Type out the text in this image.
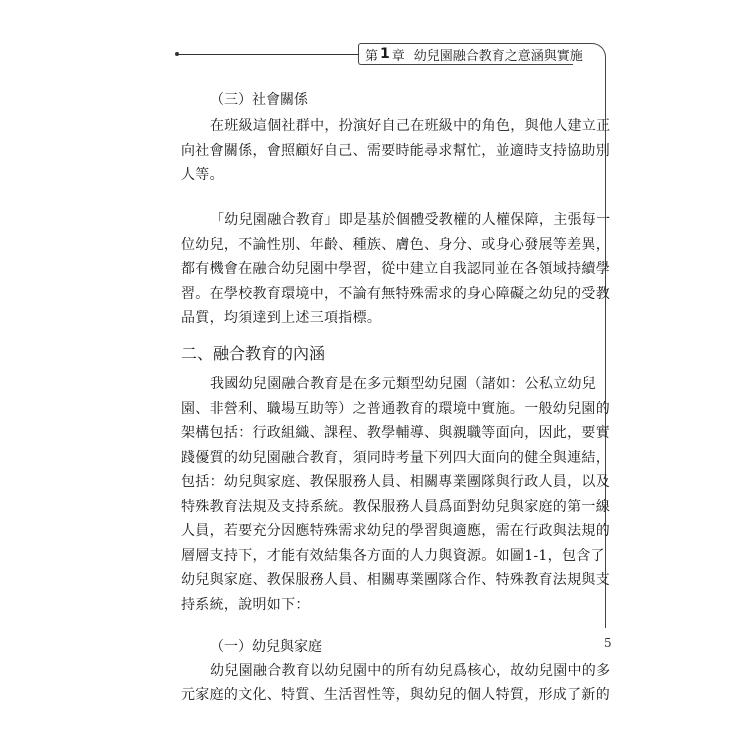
第 1 章 幼兒園融合教育之意涵與實施
（三）社會關係
在班級這個社群中，扮演好自己在班級中的角色，與他人建立正
向社會關係，會照顧好自己、需要時能尋求幫忙，並適時支持協助別
人等。
「幼兒園融合教育」即是基於個體受教權的人權保障，主張每一
位幼兒，不論性別、年齡、種族、膚色、身分、或身心發展等差異，
都有機會在融合幼兒園中學習，從中建立自我認同並在各領域持續學
習。在學校教育環境中，不論有無特殊需求的身心障礙之幼兒的受教
品質，均須達到上述三項指標。
二、融合教育的內涵
我國幼兒園融合教育是在多元類型幼兒園（諸如：公私立幼兒
園、非營利、職場互助等）之普通教育的環境中實施。一般幼兒園的
架構包括：行政組織、課程、教學輔導、與親職等面向，因此，要實
踐優質的幼兒園融合教育，須同時考量下列四大面向的健全與連結，
包括：幼兒與家庭、教保服務人員、相關專業團隊與行政人員，以及
特殊教育法規及支持系統。教保服務人員爲面對幼兒與家庭的第一線
人員，若要充分因應特殊需求幼兒的學習與適應，需在行政與法規的
層層支持下，才能有效結集各方面的人力與資源。如圖1-1，包含了
幼兒與家庭、教保服務人員、相關專業團隊合作、特殊教育法規與支
持系統，說明如下：
（一）幼兒與家庭
幼兒園融合教育以幼兒園中的所有幼兒爲核心，故幼兒園中的多
元家庭的文化、特質、生活習性等，與幼兒的個人特質，形成了新的
5
